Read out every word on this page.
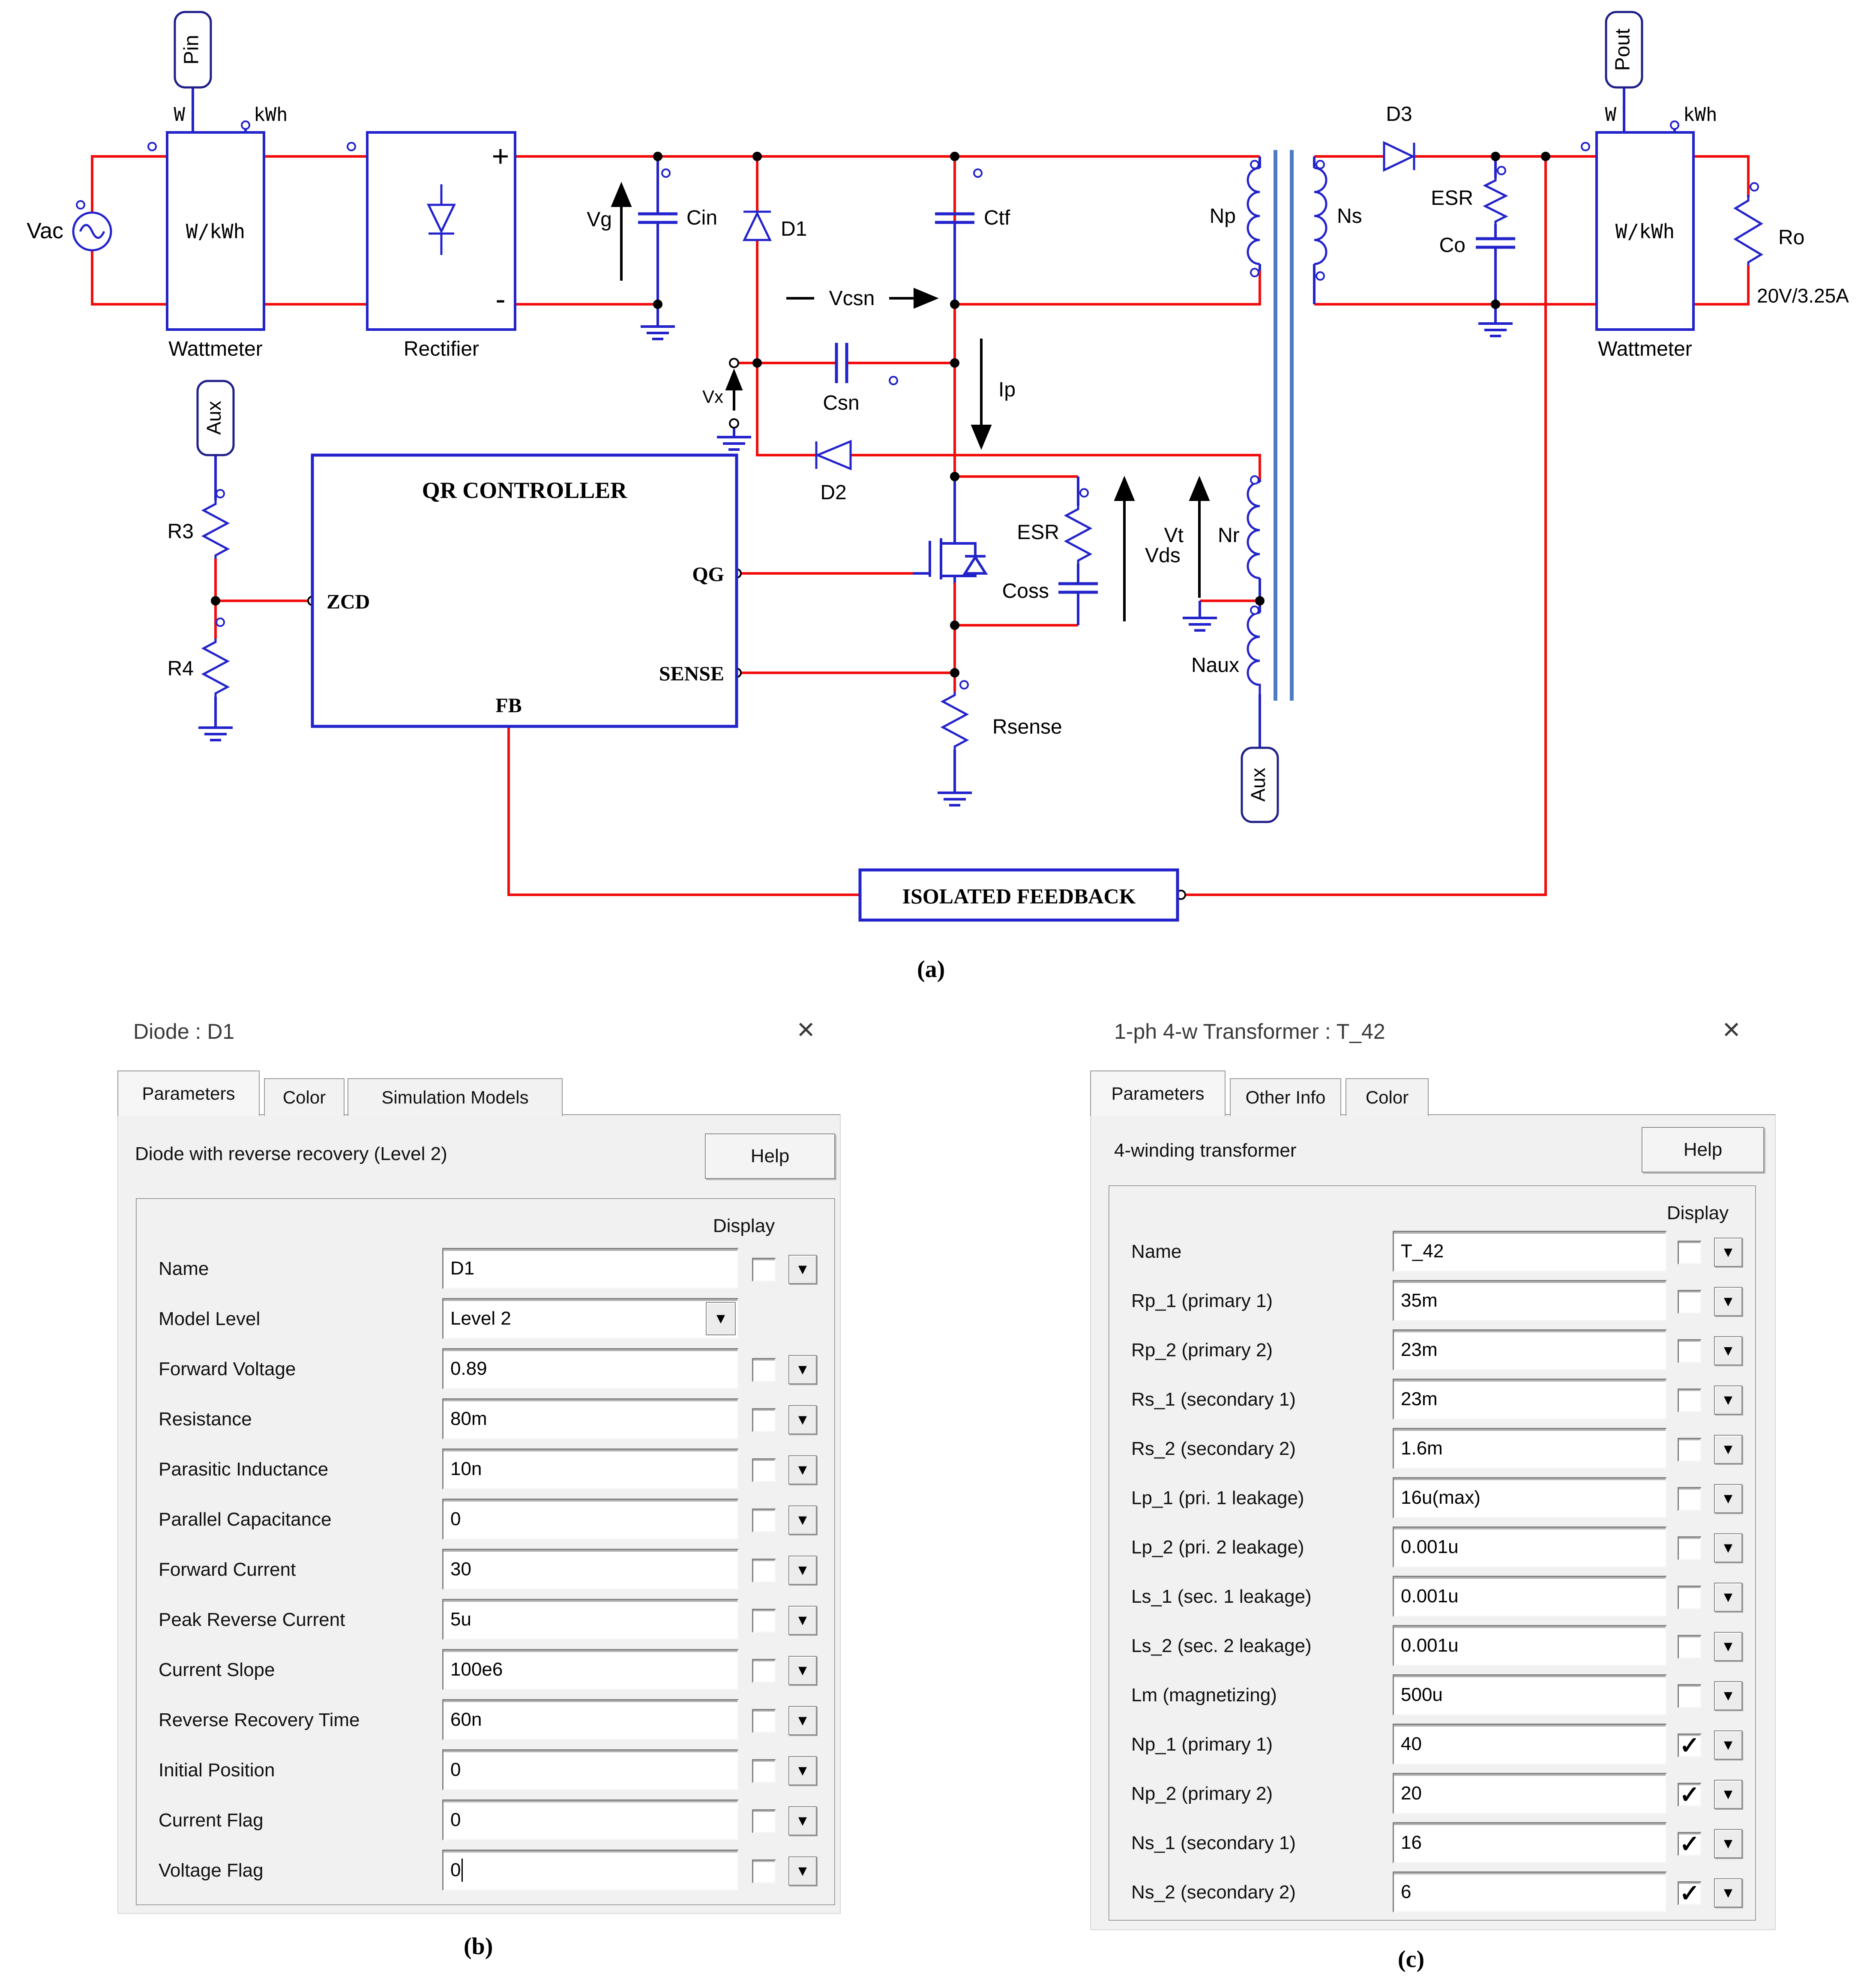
Pin	Pout
Aux
Aux
Vac
W	kWh
W/kWh
Wattmeter	Rectifier
+
-
Vg	Cin	D1	Ctf
Vcsn
Csn
Vx	Ip
D2
Np	Ns
D3
ESR
Co
W	kWh
W/kWh
Wattmeter
Ro
20V/3.25A
ESR
Coss
Vds
Vt Nr
Naux
Rsense
R3
R4
QR CONTROLLER
ZCD
QG
SENSE
FB
ISOLATED FEEDBACK
(a)
Diode : D1	✕
Parameters	Color	Simulation Models
Diode with reverse recovery (Level 2)	Help
Display
Name	D1	▼
Model Level	Level 2	▼
Forward Voltage	0.89	▼
Resistance	80m	▼
Parasitic Inductance	10n	▼
Parallel Capacitance	0	▼
Forward Current	30	▼
Peak Reverse Current	5u	▼
Current Slope	100e6	▼
Reverse Recovery Time	60n	▼
Initial Position	0	▼
Current Flag	0	▼
Voltage Flag	0	▼
(b)
1-ph 4-w Transformer : T_42	✕
Parameters Other Info Color
4-winding transformer	Help
Display
Name	T_42	▼
Rp_1 (primary 1)	35m	▼
Rp_2 (primary 2)	23m	▼
Rs_1 (secondary 1)	23m	▼
Rs_2 (secondary 2)	1.6m	▼
Lp_1 (pri. 1 leakage)	16u(max)	▼
Lp_2 (pri. 2 leakage)	0.001u	▼
Ls_1 (sec. 1 leakage)	0.001u	▼
Ls_2 (sec. 2 leakage)	0.001u	▼
Lm (magnetizing)	500u	▼
Np_1 (primary 1)	40	✓ ▼
Np_2 (primary 2)	20	✓ ▼
Ns_1 (secondary 1)	16	✓ ▼
Ns_2 (secondary 2)	6	✓ ▼
(c)
